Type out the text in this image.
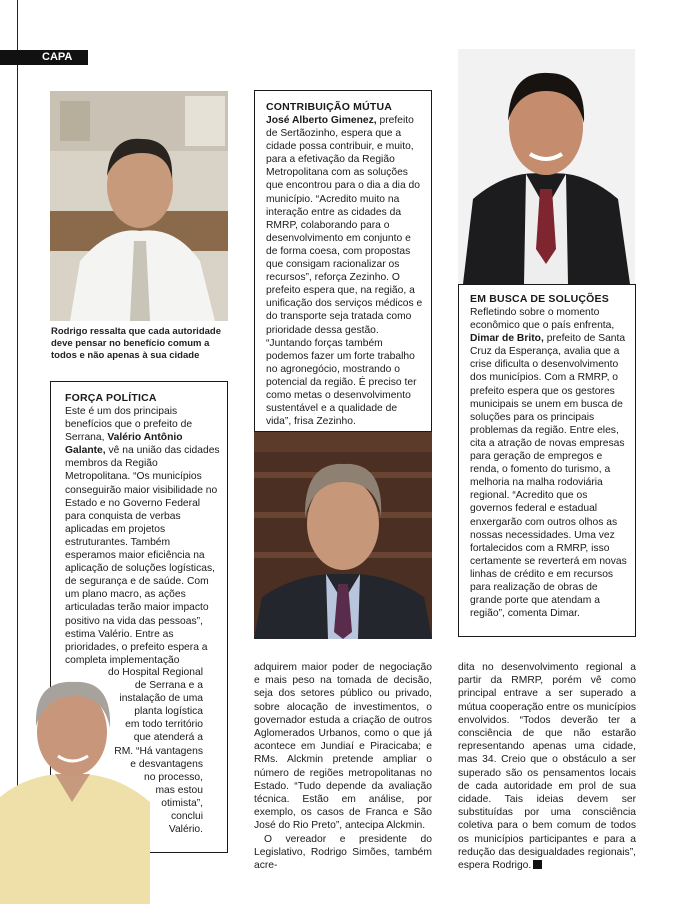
CAPA
Rodrigo ressalta que cada autoridade deve pensar no benefício comum a todos e não apenas à sua cidade
CONTRIBUIÇÃO MÚTUA
José Alberto Gimenez, prefeito de Sertãozinho, espera que a cidade possa contribuir, e muito, para a efetivação da Região Metropolitana com as soluções que encontrou para o dia a dia do município. “Acredito muito na interação entre as cidades da RMRP, colaborando para o desenvolvimento em conjunto e de forma coesa, com propostas que consigam racionalizar os recursos”, reforça Zezinho. O prefeito espera que, na região, a unificação dos serviços médicos e do transporte seja tratada como prioridade dessa gestão. “Juntando forças também podemos fazer um forte trabalho no agronegócio, mostrando o potencial da região. É preciso ter como metas o desenvolvimento sustentável e a qualidade de vida”, frisa Zezinho.
EM BUSCA DE SOLUÇÕES
Refletindo sobre o momento econômico que o país enfrenta, Dimar de Brito, prefeito de Santa Cruz da Esperança, avalia que a crise dificulta o desenvolvimento dos municípios. Com a RMRP, o prefeito espera que os gestores municipais se unem em busca de soluções para os principais problemas da região. Entre eles, cita a atração de novas empresas para geração de empregos e renda, o fomento do turismo, a melhoria na malha rodoviária regional. “Acredito que os governos federal e estadual enxergarão com outros olhos as nossas necessidades. Uma vez fortalecidos com a RMRP, isso certamente se reverterá em novas linhas de crédito e em recursos para realização de obras de grande porte que atendam a região”, comenta Dimar.
FORÇA POLÍTICA
Este é um dos principais benefícios que o prefeito de Serrana, Valério Antônio Galante, vê na união das cidades membros da Região Metropolitana. “Os municípios conseguirão maior visibilidade no Estado e no Governo Federal para conquista de verbas aplicadas em projetos estruturantes. Também esperamos maior eficiência na aplicação de soluções logísticas, de segurança e de saúde. Com um plano macro, as ações articuladas terão maior impacto positivo na vida das pessoas”, estima Valério. Entre as prioridades, o prefeito espera a completa implementação
do Hospital Regional
de Serrana e a
instalação de uma
planta logística
em todo território
que atenderá a
RM. “Há vantagens
e desvantagens
no processo,
mas estou
otimista”,
conclui
Valério.

adquirem maior poder de negociação e mais peso na tomada de decisão, seja dos setores público ou privado, sobre alocação de investimentos, o governador estuda a criação de outros Aglomerados Urbanos, como o que já acontece em Jundiaí e Piracicaba; e RMs. Alckmin pretende ampliar o número de regiões metropolitanas no Estado. “Tudo depende da avaliação técnica. Estão em análise, por exemplo, os casos de Franca e São José do Rio Preto”, antecipa Alckmin.

O vereador e presidente do Legislativo, Rodrigo Simões, também acre-

dita no desenvolvimento regional a partir da RMRP, porém vê como principal entrave a ser superado a mútua cooperação entre os municípios envolvidos. “Todos deverão ter a consciência de que não estarão representando apenas uma cidade, mas 34. Creio que o obstáculo a ser superado são os pensamentos locais de cada autoridade em prol de sua cidade. Tais ideias devem ser substituídas por uma consciência coletiva para o bem comum de todos os municípios participantes e para a redução das desigualdades regionais”, espera Rodrigo.
